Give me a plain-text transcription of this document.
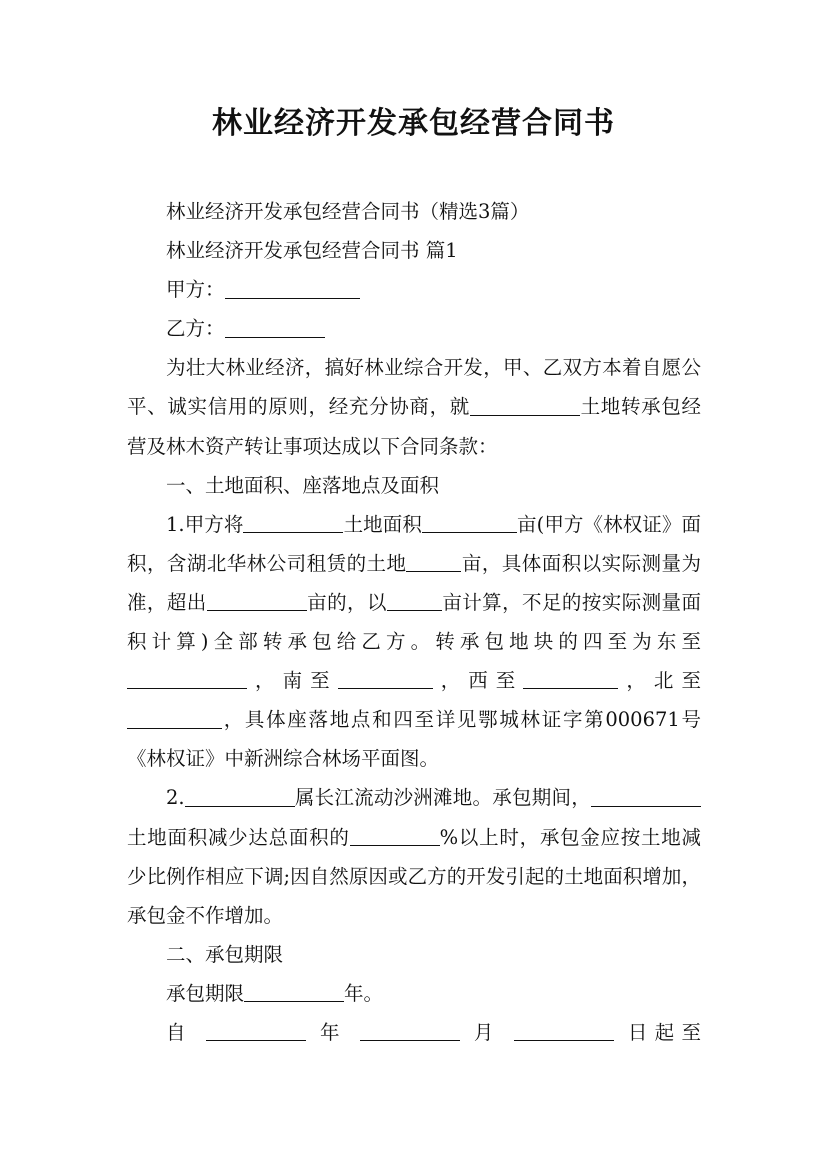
林业经济开发承包经营合同书

林业经济开发承包经营合同书（精选3篇）

林业经济开发承包经营合同书 篇1

甲方：

乙方：

为壮大林业经济，搞好林业综合开发，甲、乙双方本着自愿公平、诚实信用的原则，经充分协商，就	土地转承包经营及林木资产转让事项达成以下合同条款：

一、土地面积、座落地点及面积

1.甲方将	土地面积	亩(甲方《林权证》面积，含湖北华林公司租赁的土地	亩，具体面积以实际测量为准，超出	亩的，以	亩计算，不足的按实际测量面积计算)全部转承包给乙方。转承包地块的四至为东至，南至	，西至	，北至，具体座落地点和四至详见鄂城林证字第000671号《林权证》中新洲综合林场平面图。

2.	属长江流动沙洲滩地。承包期间，土地面积减少达总面积的	%以上时，承包金应按土地减少比例作相应下调;因自然原因或乙方的开发引起的土地面积增加，承包金不作增加。

二、承包期限

承包期限	年。

自	年	月	日起至
